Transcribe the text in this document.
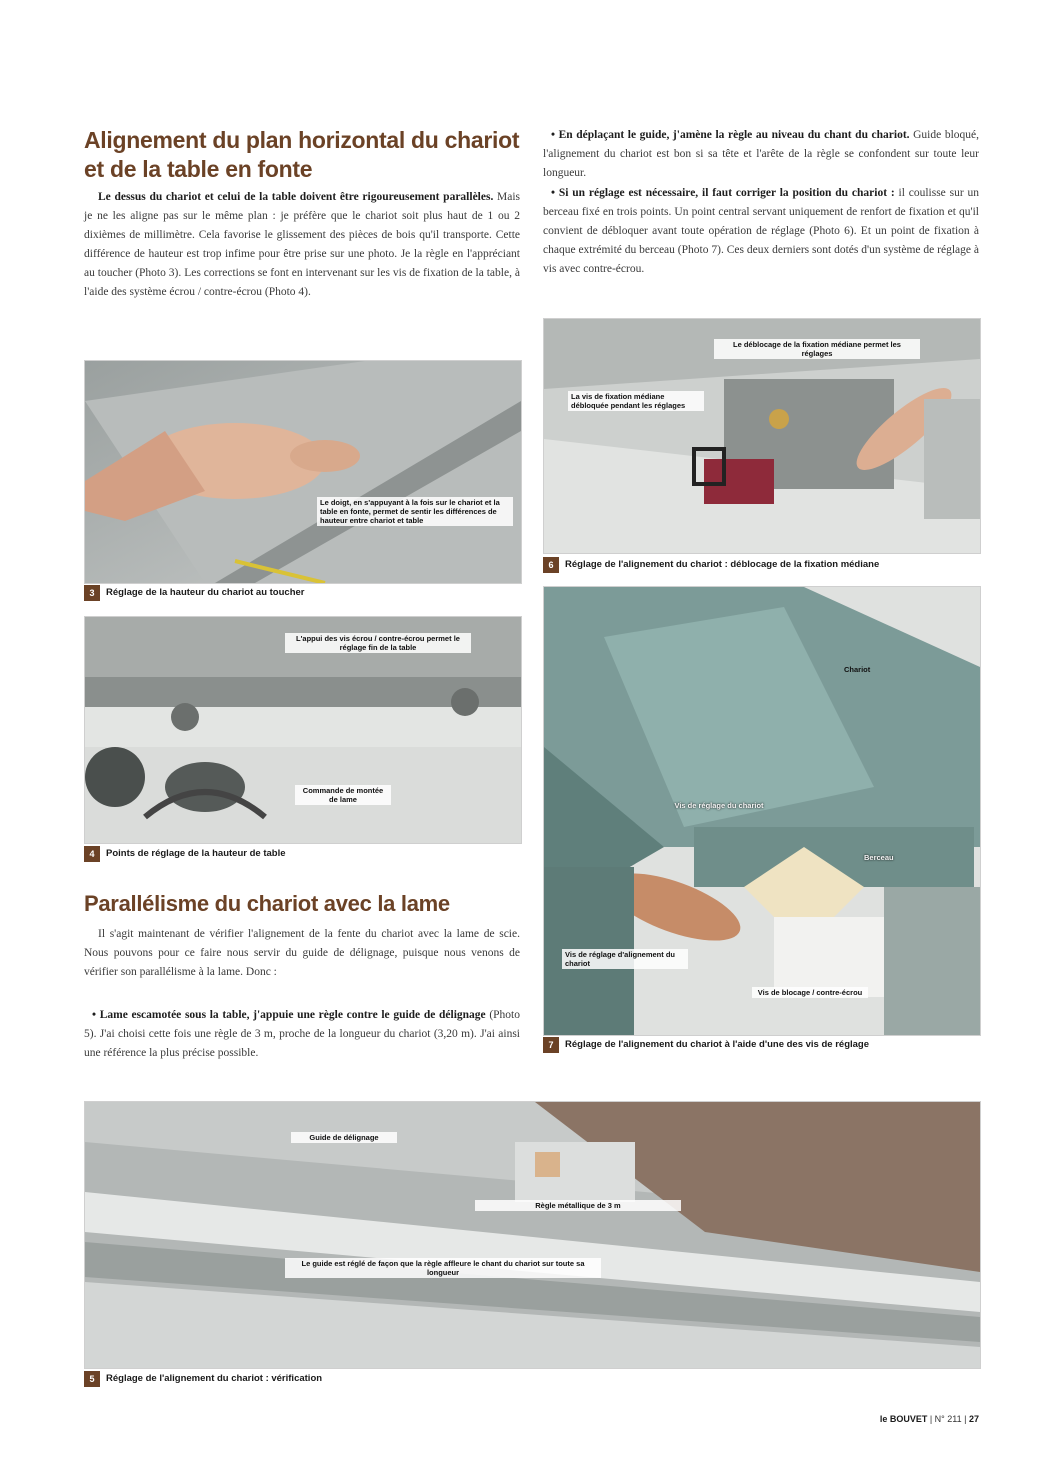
Alignement du plan horizontal du chariot et de la table en fonte

Le dessus du chariot et celui de la table doivent être rigoureusement parallèles. Mais je ne les aligne pas sur le même plan : je préfère que le chariot soit plus haut de 1 ou 2 dixièmes de millimètre. Cela favorise le glissement des pièces de bois qu'il transporte. Cette différence de hauteur est trop infime pour être prise sur une photo. Je la règle en l'appréciant au toucher (Photo 3). Les corrections se font en intervenant sur les vis de fixation de la table, à l'aide des système écrou / contre-écrou (Photo 4).

Le doigt, en s'appuyant à la fois sur le chariot et la table en fonte, permet de sentir les différences de hauteur entre chariot et table
3	Réglage de la hauteur du chariot au toucher
L'appui des vis écrou / contre-écrou permet le réglage fin de la table
Commande de montée de lame
4	Points de réglage de la hauteur de table
Parallélisme du chariot avec la lame

Il s'agit maintenant de vérifier l'alignement de la fente du chariot avec la lame de scie. Nous pouvons pour ce faire nous servir du guide de délignage, puisque nous venons de vérifier son parallélisme à la lame. Donc :

• Lame escamotée sous la table, j'appuie une règle contre le guide de délignage (Photo 5). J'ai choisi cette fois une règle de 3 m, proche de la longueur du chariot (3,20 m). J'ai ainsi une référence la plus précise possible.

• En déplaçant le guide, j'amène la règle au niveau du chant du chariot. Guide bloqué, l'alignement du chariot est bon si sa tête et l'arête de la règle se confondent sur toute leur longueur.

• Si un réglage est nécessaire, il faut corriger la position du chariot : il coulisse sur un berceau fixé en trois points. Un point central servant uniquement de renfort de fixation et qu'il convient de débloquer avant toute opération de réglage (Photo 6). Et un point de fixation à chaque extrémité du berceau (Photo 7). Ces deux derniers sont dotés d'un système de réglage à vis avec contre-écrou.

Le déblocage de la fixation médiane permet les réglages
La vis de fixation médiane débloquée pendant les réglages
6	Réglage de l'alignement du chariot : déblocage de la fixation médiane
Chariot
Vis de réglage du chariot
Berceau
Vis de réglage d'alignement du chariot
Vis de blocage / contre-écrou
7	Réglage de l'alignement du chariot à l'aide d'une des vis de réglage
Guide de délignage
Règle métallique de 3 m
Le guide est réglé de façon que la règle affleure le chant du chariot sur toute sa longueur
5	Réglage de l'alignement du chariot : vérification
le BOUVET | N° 211 | 27
